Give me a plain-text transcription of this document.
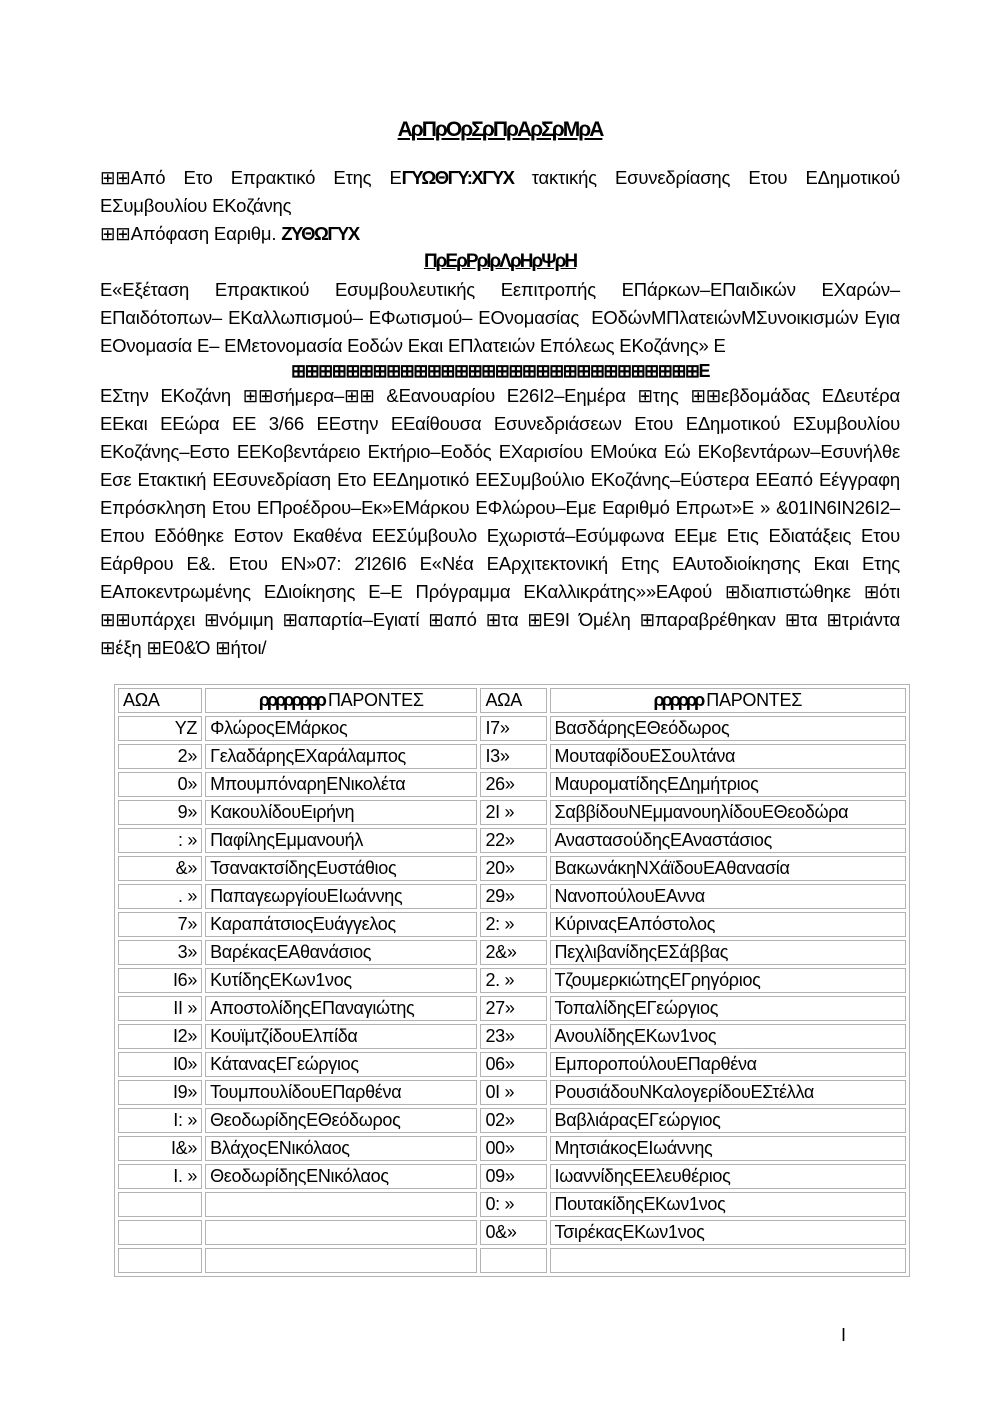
ΑρΠρΟρΣρΠρΑρΣρΜρΑ

⊞⊞Από Ετο Επρακτικό Ετης ΕΓΥΩΘΓΥ:ΧΓΥΧ τακτικής Εσυνεδρίασης Ετου ΕΔημοτικού ΕΣυμβουλίου ΕΚοζάνης

⊞⊞Απόφαση Εαριθμ. ΖΥΘΩΓΥΧ

ΠρΕρΡρΙρΛρΗρΨρΗ

Ε«Εξέταση Επρακτικού Εσυμβουλευτικής Εεπιτροπής ΕΠάρκων–ΕΠαιδικών ΕΧαρών–ΕΠαιδότοπων– ΕΚαλλωπισμού– ΕΦωτισμού– ΕΟνομασίας  ΕΟδώνΜΠλατειώνΜΣυνοικισμών Εγια ΕΟνομασία Ε– ΕΜετονομασία Εοδών Εκαι ΕΠλατειών Επόλεως ΕΚοζάνης» Ε

⊞⊞⊞⊞⊞⊞⊞⊞⊞⊞⊞⊞⊞⊞⊞⊞⊞⊞⊞⊞⊞⊞⊞⊞⊞⊞⊞⊞⊞⊞Ε

ΕΣτην ΕΚοζάνη ⊞⊞σήμερα–⊞⊞ &Εανουαρίου Ε26Ι2–Εημέρα ⊞της ⊞⊞εβδομάδας ΕΔευτέρα ΕΕκαι ΕΕώρα ΕΕ 3/66 ΕΕστην ΕΕαίθουσα Εσυνεδριάσεων Ετου ΕΔημοτικού ΕΣυμβουλίου ΕΚοζάνης–Εστο ΕΕΚοβεντάρειο Εκτήριο–Εοδός ΕΧαρισίου ΕΜούκα Εώ ΕΚοβεντάρων–Εσυνήλθε Εσε Ετακτική ΕΕσυνεδρίαση Ετο ΕΕΔημοτικό ΕΕΣυμβούλιο ΕΚοζάνης–Εύστερα ΕΕαπό Εέγγραφη Επρόσκληση Ετου ΕΠροέδρου–Εκ»ΕΜάρκου ΕΦλώρου–Εμε Εαριθμό Επρωτ»Ε » &01ΙΝ6ΙΝ26Ι2–Επου Εδόθηκε Εστον Εκαθένα ΕΕΣύμβουλο Εχωριστά–Εσύμφωνα ΕΕμε Ετις Εδιατάξεις Ετου Εάρθρου Ε&. Ετου ΕΝ»07: 2Ί26Ι6 Ε«Νέα ΕΑρχιτεκτονική Ετης ΕΑυτοδιοίκησης Εκαι Ετης ΕΑποκεντρωμένης ΕΔιοίκησης Ε–Ε Πρόγραμμα ΕΚαλλικράτης»»ΕΑφού ⊞διαπιστώθηκε ⊞ότι ⊞⊞υπάρχει ⊞νόμιμη ⊞απαρτία–Εγιατί ⊞από ⊞τα ⊞Ε9Ι Όμέλη ⊞παραβρέθηκαν ⊞τα ⊞τριάντα ⊞έξη ⊞Ε0&Ό ⊞ήτοι/

ΑΩΑ	ρρρρρρρρ ΠΑΡΟΝΤΕΣ	ΑΩΑ	ρρρρρρ ΠΑΡΟΝΤΕΣ
YZ	ΦλώροςΕΜάρκος	Ι7»	ΒασδάρηςΕΘεόδωρος
2»	ΓελαδάρηςΕΧαράλαμπος	Ι3»	ΜουταφίδουΕΣουλτάνα
0»	ΜπουμπόναρηΕΝικολέτα	26»	ΜαυροματίδηςΕΔημήτριος
9»	ΚακουλίδουΕιρήνη	2Ι »	ΣαββίδουΝΕμμανουηλίδουΕΘεοδώρα
: »	ΠαφίληςΕμμανουήλ	22»	ΑναστασούδηςΕΑναστάσιος
&»	ΤσανακτσίδηςΕυστάθιος	20»	ΒακωνάκηΝΧάϊδουΕΑθανασία
. »	ΠαπαγεωργίουΕΙωάννης	29»	ΝανοπούλουΕΑννα
7»	ΚαραπάτσιοςΕυάγγελος	2: »	ΚύριναςΕΑπόστολος
3»	ΒαρέκαςΕΑθανάσιος	2&»	ΠεχλιβανίδηςΕΣάββας
Ι6»	ΚυτίδηςΕΚων1νος	2. »	ΤζουμερκιώτηςΕΓρηγόριος
ΙΙ »	ΑποστολίδηςΕΠαναγιώτης	27»	ΤοπαλίδηςΕΓεώργιος
Ι2»	ΚουϊμτζίδουΕλπίδα	23»	ΑνουλίδηςΕΚων1νος
Ι0»	ΚάταναςΕΓεώργιος	06»	ΕμποροπούλουΕΠαρθένα
Ι9»	ΤουμπουλίδουΕΠαρθένα	0Ι »	ΡουσιάδουΝΚαλογερίδουΕΣτέλλα
Ι: »	ΘεοδωρίδηςΕΘεόδωρος	02»	ΒαβλιάραςΕΓεώργιος
Ι&»	ΒλάχοςΕΝικόλαος	00»	ΜητσιάκοςΕΙωάννης
Ι. »	ΘεοδωρίδηςΕΝικόλαος	09»	ΙωαννίδηςΕΕλευθέριος
		0: »	ΠουτακίδηςΕΚων1νος
		0&»	ΤσιρέκαςΕΚων1νος

Ι
